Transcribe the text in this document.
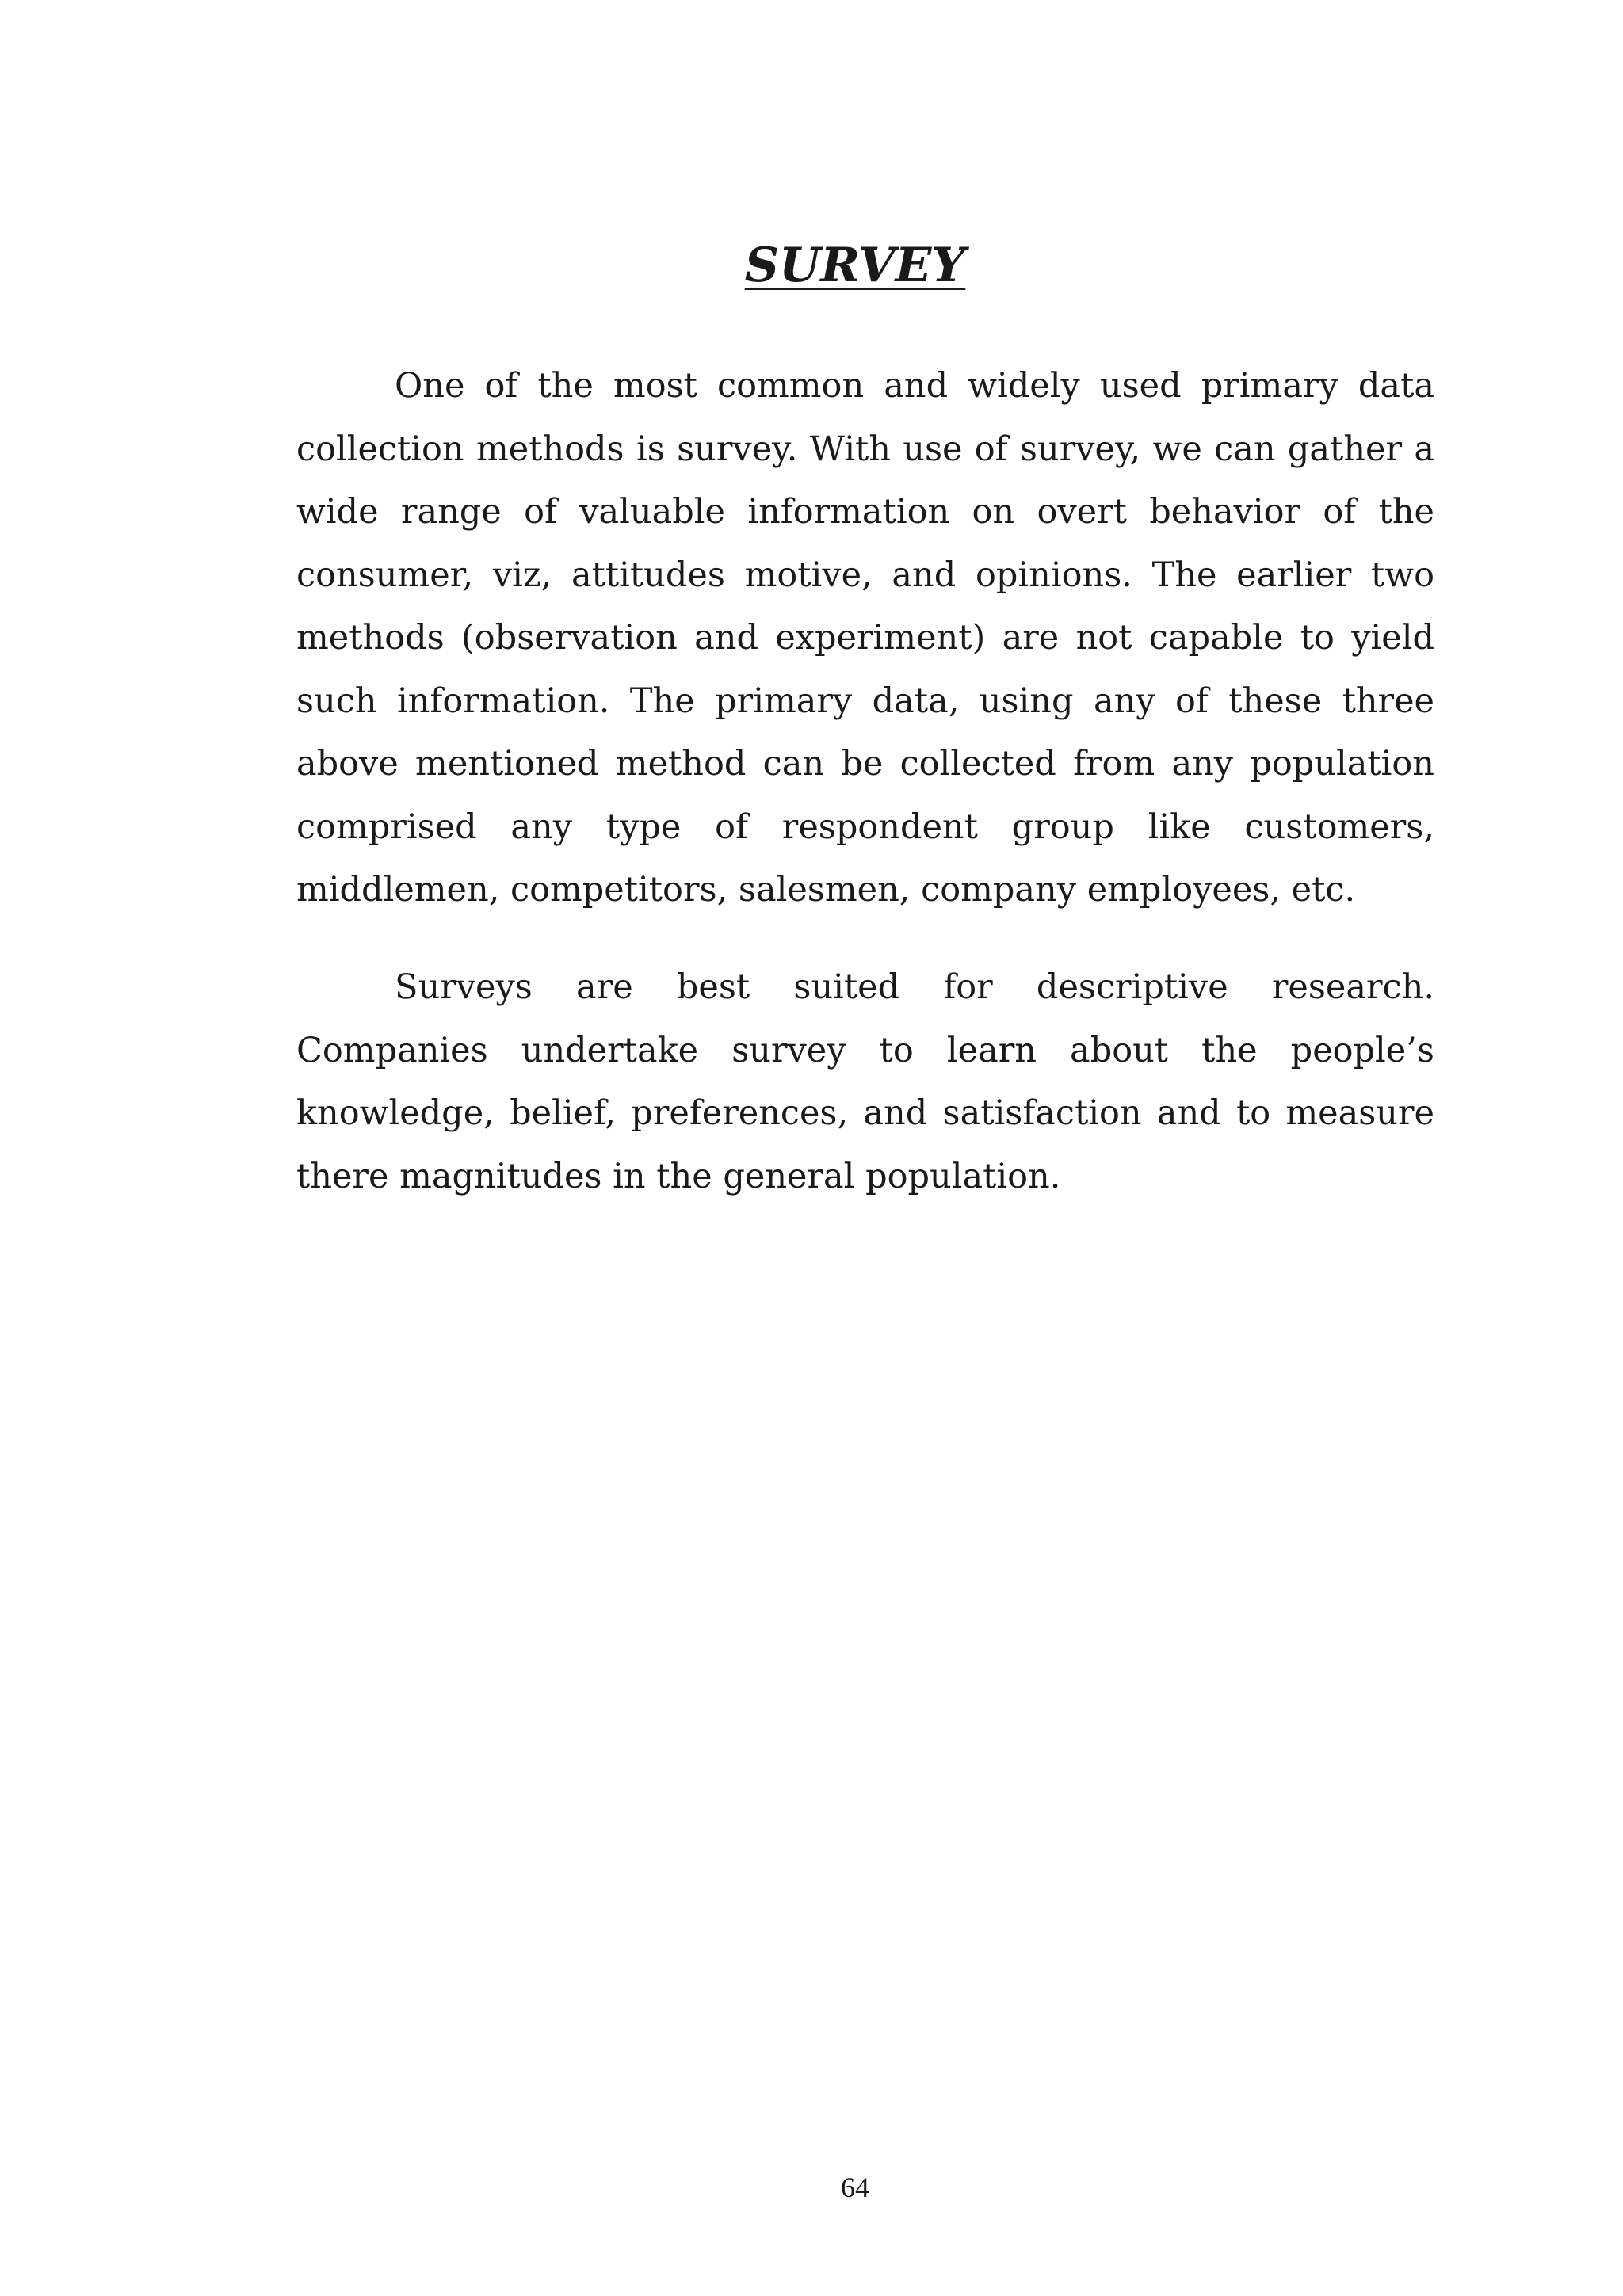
SURVEY

One of the most common and widely used primary data collection methods is survey. With use of survey, we can gather a wide range of valuable information on overt behavior of the consumer, viz, attitudes motive, and opinions. The earlier two methods (observation and experiment) are not capable to yield such information. The primary data, using any of these three above mentioned method can be collected from any population comprised any type of respondent group like customers, middlemen, competitors, salesmen, company employees, etc.

Surveys are best suited for descriptive research. Companies undertake survey to learn about the people’s knowledge, belief, preferences, and satisfaction and to measure there magnitudes in the general population.

64
